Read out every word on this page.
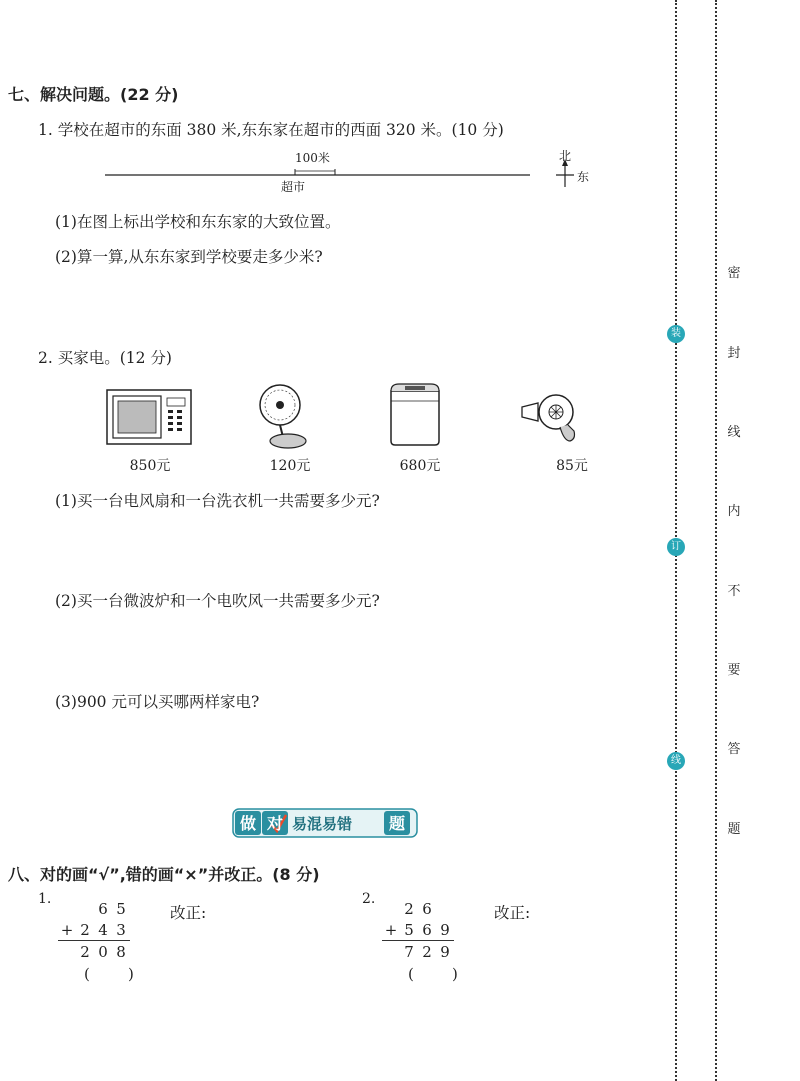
七、解决问题。(22 分)
1. 学校在超市的东面 380 米,东东家在超市的西面 320 米。(10 分)
100米
超市
北
东
(1)在图上标出学校和东东家的大致位置。
(2)算一算,从东东家到学校要走多少米?
2. 买家电。(12 分)
850元	120元	680元	85元
(1)买一台电风扇和一台洗衣机一共需要多少元?
(2)买一台微波炉和一个电吹风一共需要多少元?
(3)900 元可以买哪两样家电?
做 对 易混易错 题
八、对的画“√”,错的画“×”并改正。(8 分)
1.
		6	5
+	2	4	3
	2	0	8
(        )
改正:
2.
	2	6	
+	5	6	9
	7	2	9
(        )
改正:
装
订
线
密
封
线
内
不
要
答
题
